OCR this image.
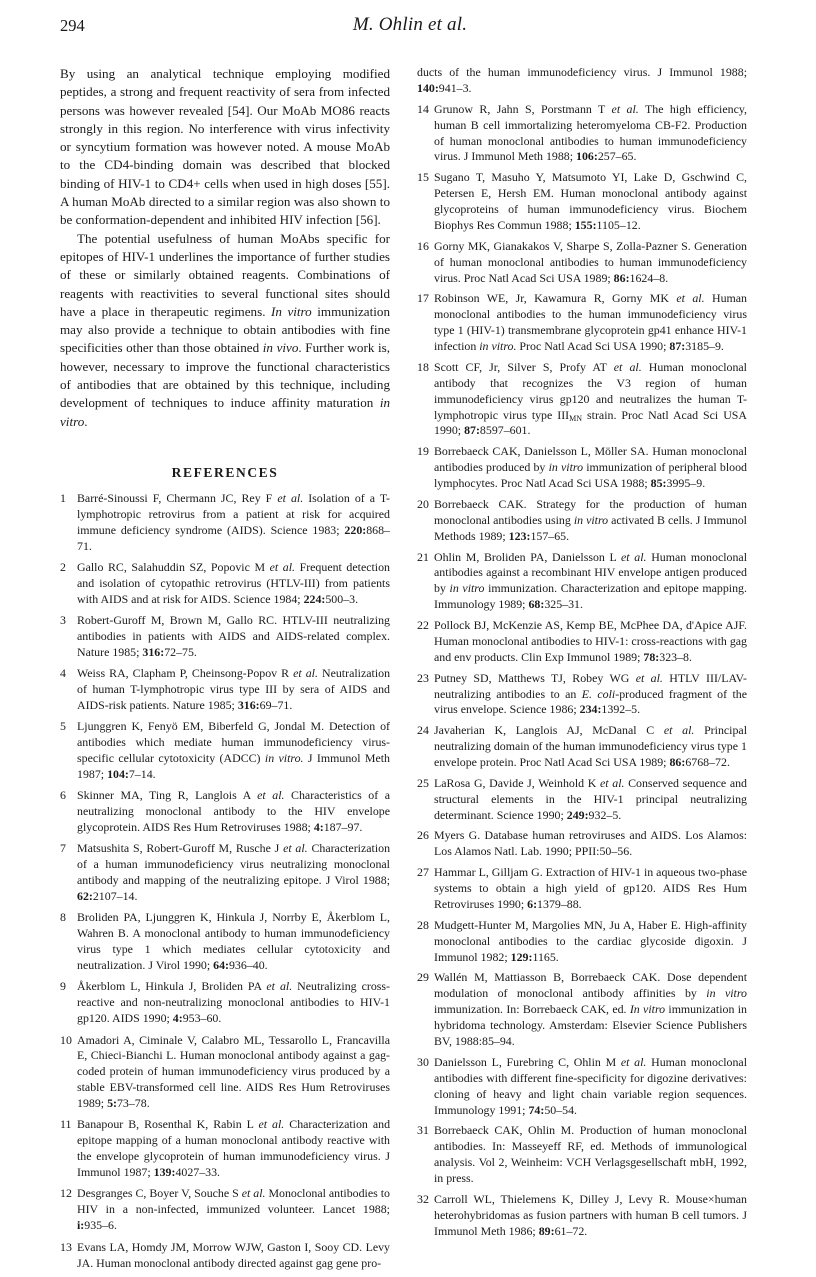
294	M. Ohlin et al.

By using an analytical technique employing modified peptides, a strong and frequent reactivity of sera from infected persons was however revealed [54]. Our MoAb MO86 reacts strongly in this region. No interference with virus infectivity or syncytium formation was however noted. A mouse MoAb to the CD4-binding domain was described that blocked binding of HIV-1 to CD4+ cells when used in high doses [55]. A human MoAb directed to a similar region was also shown to be conformation-dependent and inhibited HIV infection [56].

The potential usefulness of human MoAbs specific for epitopes of HIV-1 underlines the importance of further studies of these or similarly obtained reagents. Combinations of reagents with reactivities to several functional sites should have a place in therapeutic regimens. In vitro immunization may also provide a technique to obtain antibodies with fine specificities other than those obtained in vivo. Further work is, however, necessary to improve the functional characteristics of antibodies that are obtained by this technique, including development of techniques to induce affinity maturation in vitro.

REFERENCES
1 Barré-Sinoussi F, Chermann JC, Rey F et al. Isolation of a T-lymphotropic retrovirus from a patient at risk for acquired immune deficiency syndrome (AIDS). Science 1983; 220:868–71.
2 Gallo RC, Salahuddin SZ, Popovic M et al. Frequent detection and isolation of cytopathic retrovirus (HTLV-III) from patients with AIDS and at risk for AIDS. Science 1984; 224:500–3.
3 Robert-Guroff M, Brown M, Gallo RC. HTLV-III neutralizing antibodies in patients with AIDS and AIDS-related complex. Nature 1985; 316:72–75.
4 Weiss RA, Clapham P, Cheinsong-Popov R et al. Neutralization of human T-lymphotropic virus type III by sera of AIDS and AIDS-risk patients. Nature 1985; 316:69–71.
5 Ljunggren K, Fenyö EM, Biberfeld G, Jondal M. Detection of antibodies which mediate human immunodeficiency virus-specific cellular cytotoxicity (ADCC) in vitro. J Immunol Meth 1987; 104:7–14.
6 Skinner MA, Ting R, Langlois A et al. Characteristics of a neutralizing monoclonal antibody to the HIV envelope glycoprotein. AIDS Res Hum Retroviruses 1988; 4:187–97.
7 Matsushita S, Robert-Guroff M, Rusche J et al. Characterization of a human immunodeficiency virus neutralizing monoclonal antibody and mapping of the neutralizing epitope. J Virol 1988; 62:2107–14.
8 Broliden PA, Ljunggren K, Hinkula J, Norrby E, Åkerblom L, Wahren B. A monoclonal antibody to human immunodeficiency virus type 1 which mediates cellular cytotoxicity and neutralization. J Virol 1990; 64:936–40.
9 Åkerblom L, Hinkula J, Broliden PA et al. Neutralizing cross-reactive and non-neutralizing monoclonal antibodies to HIV-1 gp120. AIDS 1990; 4:953–60.
10 Amadori A, Ciminale V, Calabro ML, Tessarollo L, Francavilla E, Chieci-Bianchi L. Human monoclonal antibody against a gag-coded protein of human immunodeficiency virus produced by a stable EBV-transformed cell line. AIDS Res Hum Retroviruses 1989; 5:73–78.
11 Banapour B, Rosenthal K, Rabin L et al. Characterization and epitope mapping of a human monoclonal antibody reactive with the envelope glycoprotein of human immunodeficiency virus. J Immunol 1987; 139:4027–33.
12 Desgranges C, Boyer V, Souche S et al. Monoclonal antibodies to HIV in a non-infected, immunized volunteer. Lancet 1988; i:935–6.
13 Evans LA, Homdy JM, Morrow WJW, Gaston I, Sooy CD. Levy JA. Human monoclonal antibody directed against gag gene pro-
ducts of the human immunodeficiency virus. J Immunol 1988; 140:941–3.
14 Grunow R, Jahn S, Porstmann T et al. The high efficiency, human B cell immortalizing heteromyeloma CB-F2. Production of human monoclonal antibodies to human immunodeficiency virus. J Immunol Meth 1988; 106:257–65.
15 Sugano T, Masuho Y, Matsumoto YI, Lake D, Gschwind C, Petersen E, Hersh EM. Human monoclonal antibody against glycoproteins of human immunodeficiency virus. Biochem Biophys Res Commun 1988; 155:1105–12.
16 Gorny MK, Gianakakos V, Sharpe S, Zolla-Pazner S. Generation of human monoclonal antibodies to human immunodeficiency virus. Proc Natl Acad Sci USA 1989; 86:1624–8.
17 Robinson WE, Jr, Kawamura R, Gorny MK et al. Human monoclonal antibodies to the human immunodeficiency virus type 1 (HIV-1) transmembrane glycoprotein gp41 enhance HIV-1 infection in vitro. Proc Natl Acad Sci USA 1990; 87:3185–9.
18 Scott CF, Jr, Silver S, Profy AT et al. Human monoclonal antibody that recognizes the V3 region of human immunodeficiency virus gp120 and neutralizes the human T-lymphotropic virus type $III_{MN}$ strain. Proc Natl Acad Sci USA 1990; 87:8597–601.
19 Borrebaeck CAK, Danielsson L, Möller SA. Human monoclonal antibodies produced by in vitro immunization of peripheral blood lymphocytes. Proc Natl Acad Sci USA 1988; 85:3995–9.
20 Borrebaeck CAK. Strategy for the production of human monoclonal antibodies using in vitro activated B cells. J Immunol Methods 1989; 123:157–65.
21 Ohlin M, Broliden PA, Danielsson L et al. Human monoclonal antibodies against a recombinant HIV envelope antigen produced by in vitro immunization. Characterization and epitope mapping. Immunology 1989; 68:325–31.
22 Pollock BJ, McKenzie AS, Kemp BE, McPhee DA, d'Apice AJF. Human monoclonal antibodies to HIV-1: cross-reactions with gag and env products. Clin Exp Immunol 1989; 78:323–8.
23 Putney SD, Matthews TJ, Robey WG et al. HTLV III/LAV-neutralizing antibodies to an E. coli-produced fragment of the virus envelope. Science 1986; 234:1392–5.
24 Javaherian K, Langlois AJ, McDanal C et al. Principal neutralizing domain of the human immunodeficiency virus type 1 envelope protein. Proc Natl Acad Sci USA 1989; 86:6768–72.
25 LaRosa G, Davide J, Weinhold K et al. Conserved sequence and structural elements in the HIV-1 principal neutralizing determinant. Science 1990; 249:932–5.
26 Myers G. Database human retroviruses and AIDS. Los Alamos: Los Alamos Natl. Lab. 1990; PPII:50–56.
27 Hammar L, Gilljam G. Extraction of HIV-1 in aqueous two-phase systems to obtain a high yield of gp120. AIDS Res Hum Retroviruses 1990; 6:1379–88.
28 Mudgett-Hunter M, Margolies MN, Ju A, Haber E. High-affinity monoclonal antibodies to the cardiac glycoside digoxin. J Immunol 1982; 129:1165.
29 Wallén M, Mattiasson B, Borrebaeck CAK. Dose dependent modulation of monoclonal antibody affinities by in vitro immunization. In: Borrebaeck CAK, ed. In vitro immunization in hybridoma technology. Amsterdam: Elsevier Science Publishers BV, 1988:85–94.
30 Danielsson L, Furebring C, Ohlin M et al. Human monoclonal antibodies with different fine-specificity for digozine derivatives: cloning of heavy and light chain variable region sequences. Immunology 1991; 74:50–54.
31 Borrebaeck CAK, Ohlin M. Production of human monoclonal antibodies. In: Masseyeff RF, ed. Methods of immunological analysis. Vol 2, Weinheim: VCH Verlagsgesellschaft mbH, 1992, in press.
32 Carroll WL, Thielemens K, Dilley J, Levy R. Mouse×human heterohybridomas as fusion partners with human B cell tumors. J Immunol Meth 1986; 89:61–72.
